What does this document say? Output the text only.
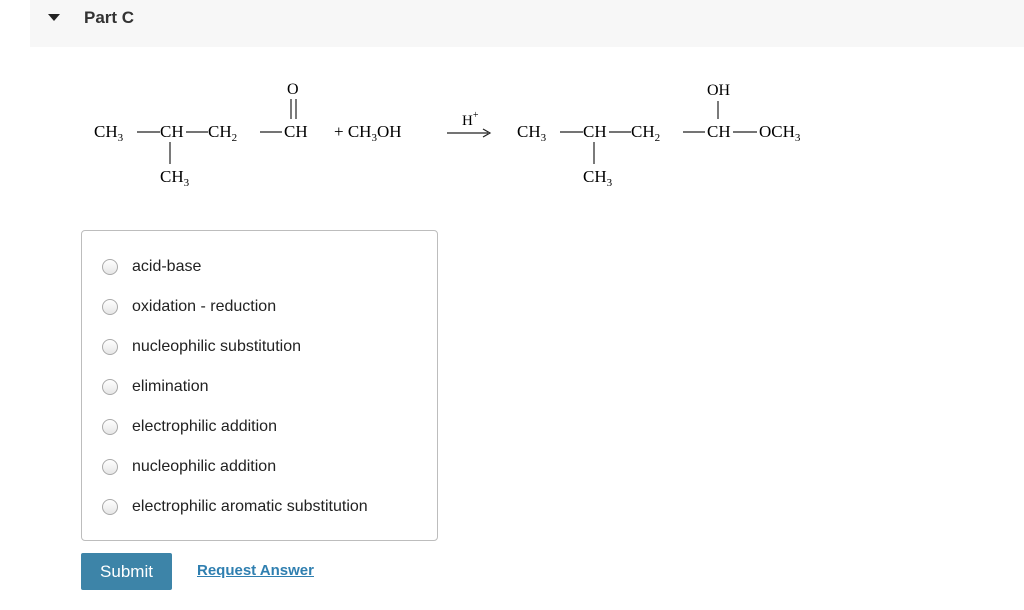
Part C
$CH_3$ CH $CH_2$	CH
O
$CH_3$
+ $CH_3OH$
H+
$CH_3$ CH $CH_2$	CH $OCH_3$
OH
$CH_3$
acid-base
oxidation - reduction
nucleophilic substitution
elimination
electrophilic addition
nucleophilic addition
electrophilic aromatic substitution
Submit	Request Answer
